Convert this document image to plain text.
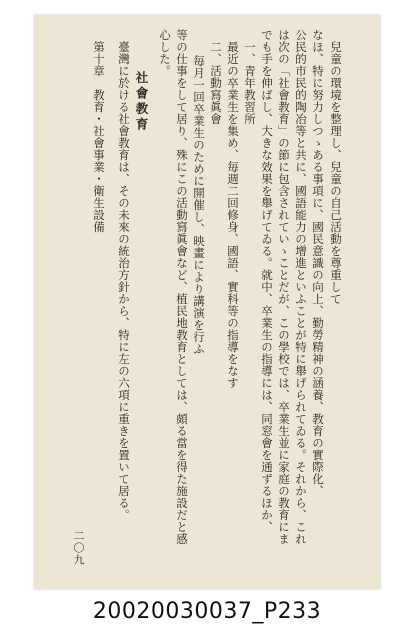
兒童の環境を整理し、兒童の自己活動を尊重して
なほ、特に努力しつゝある事項に、國民意識の向上、勤勞精神の涵養、教育の實際化、
公民的市民的陶冶等と共に、國語能力の增進といふことが特に舉げられてゐる。それから、これ
は次の「社會教育」の節に包含されていゝことだが、この學校では、卒業生並に家庭の教育にま
でも手を伸ばし、大きな效果を舉げてゐる。就中、卒業生の指導には、同窓會を通ずるほか、
一、青年教習所
最近の卒業生を集め、毎週二回修身、國語、實科等の指導をなす
二、活動寫眞會
毎月一回卒業生のために開催し、映畫により講演を行ふ
等の仕事をして居り、殊にこの活動寫眞會など、植民地教育としては、頗る當を得た施設だと感
心した。
社會教育
臺灣に於ける社會教育は、その未來の統治方針から、特に左の六項に重きを置いて居る。
第十章　教育・社會事業・衛生設備
二〇九
20020030037_P233
